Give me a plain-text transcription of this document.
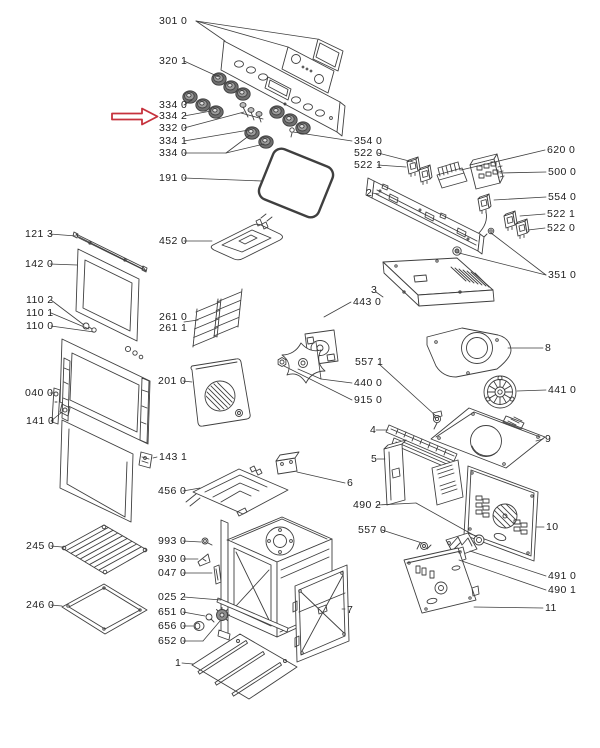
301 0
320 1
334 0
334 2
332 0
334 1
334 0
191 0
452 0
261 0
261 1
201 0
143 1
456 0
993 0
930 0
047 0
025 2
651 0
656 0
652 0
121 3
142 0
110 2
110 1
110 0
040 0
141 0
245 0
246 0
354 0
522 0
522 1
620 0
500 0
554 0
522 1
522 0
351 0
443 0
557 1
440 0
915 0
441 0
490 2
557 0
491 0
490 1
2
3
4
5
6
7
8
9
10
11
1
